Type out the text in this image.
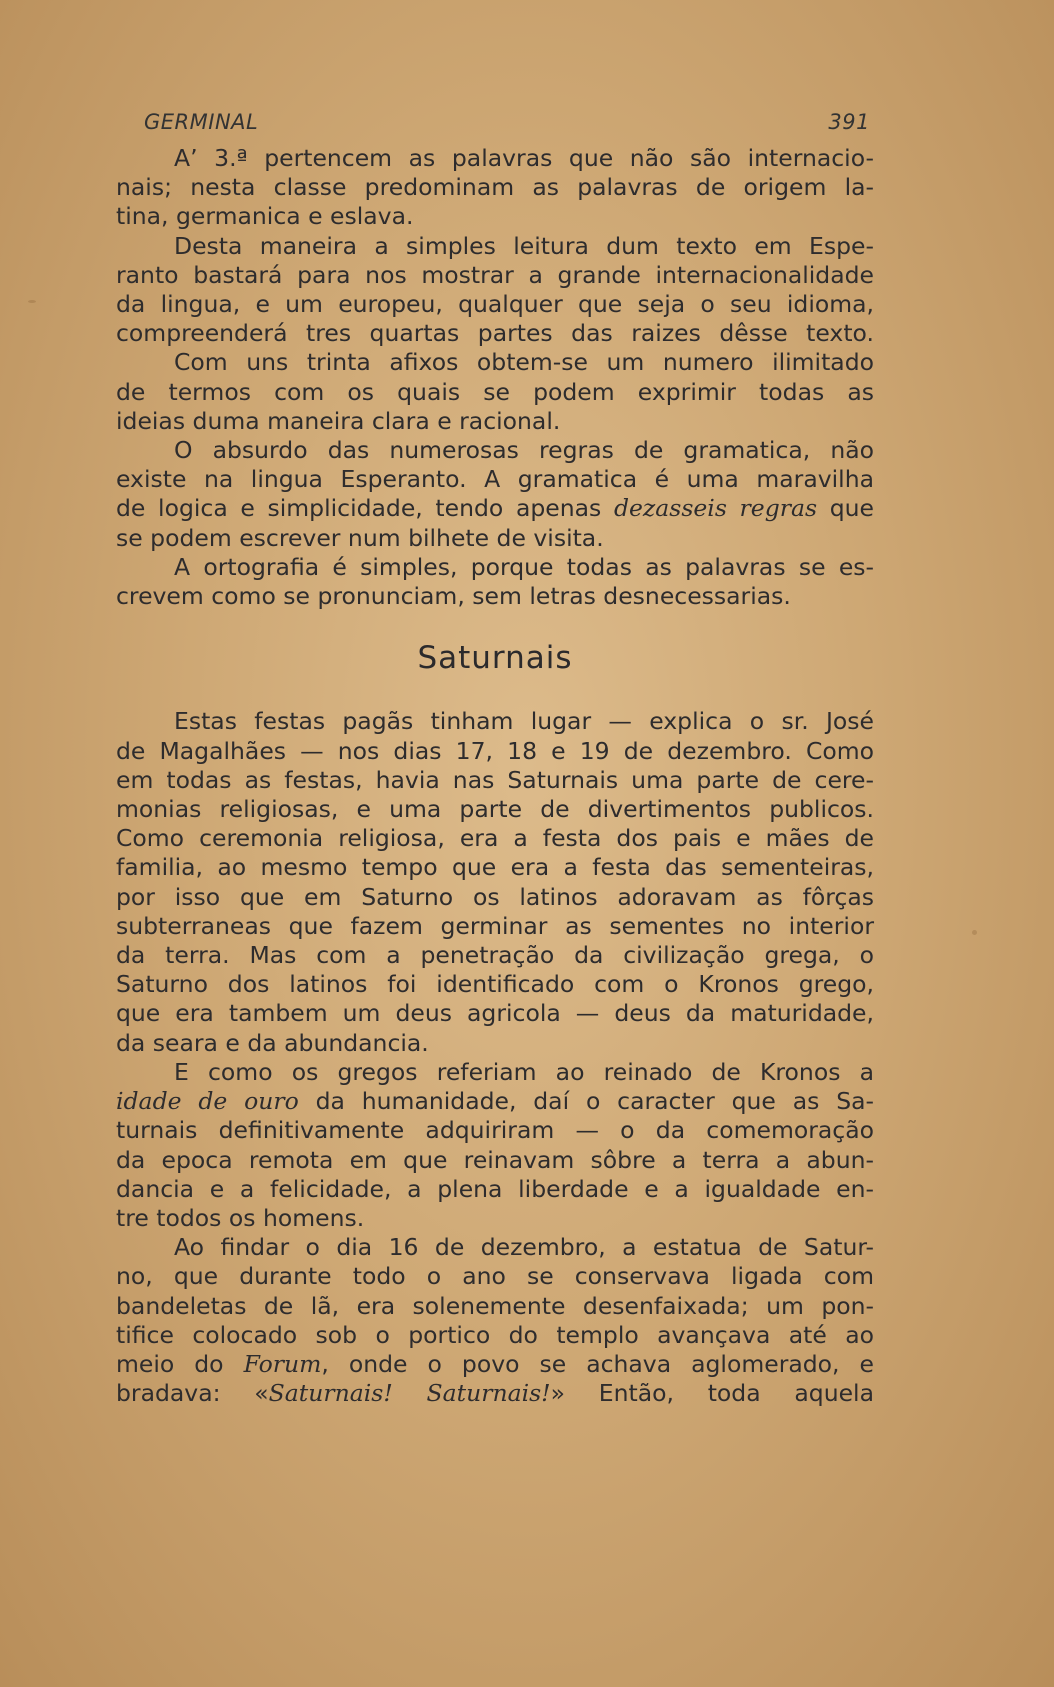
GERMINAL	391

A’ 3.ª pertencem as palavras que não são internacio-
nais; nesta classe predominam as palavras de origem la-
tina, germanica e eslava.

Desta maneira a simples leitura dum texto em Espe-
ranto bastará para nos mostrar a grande internacionalidade
da lingua, e um europeu, qualquer que seja o seu idioma,
compreenderá tres quartas partes das raizes dêsse texto.

Com uns trinta afixos obtem-se um numero ilimitado
de termos com os quais se podem exprimir todas as
ideias duma maneira clara e racional.

O absurdo das numerosas regras de gramatica, não
existe na lingua Esperanto. A gramatica é uma maravilha
de logica e simplicidade, tendo apenas dezasseis regras que
se podem escrever num bilhete de visita.

A ortografia é simples, porque todas as palavras se es-
crevem como se pronunciam, sem letras desnecessarias.

Saturnais

Estas festas pagãs tinham lugar — explica o sr. José
de Magalhães — nos dias 17, 18 e 19 de dezembro. Como
em todas as festas, havia nas Saturnais uma parte de cere-
monias religiosas, e uma parte de divertimentos publicos.

Como ceremonia religiosa, era a festa dos pais e mães de
familia, ao mesmo tempo que era a festa das sementeiras,
por isso que em Saturno os latinos adoravam as fôrças
subterraneas que fazem germinar as sementes no interior
da terra. Mas com a penetração da civilização grega, o
Saturno dos latinos foi identificado com o Kronos grego,
que era tambem um deus agricola — deus da maturidade,
da seara e da abundancia.

E como os gregos referiam ao reinado de Kronos a
idade de ouro da humanidade, daí o caracter que as Sa-
turnais definitivamente adquiriram — o da comemoração
da epoca remota em que reinavam sôbre a terra a abun-
dancia e a felicidade, a plena liberdade e a igualdade en-
tre todos os homens.

Ao findar o dia 16 de dezembro, a estatua de Satur-
no, que durante todo o ano se conservava ligada com
bandeletas de lã, era solenemente desenfaixada; um pon-
tifice colocado sob o portico do templo avançava até ao
meio do Forum, onde o povo se achava aglomerado, e
bradava: «Saturnais! Saturnais!» Então, toda aquela
